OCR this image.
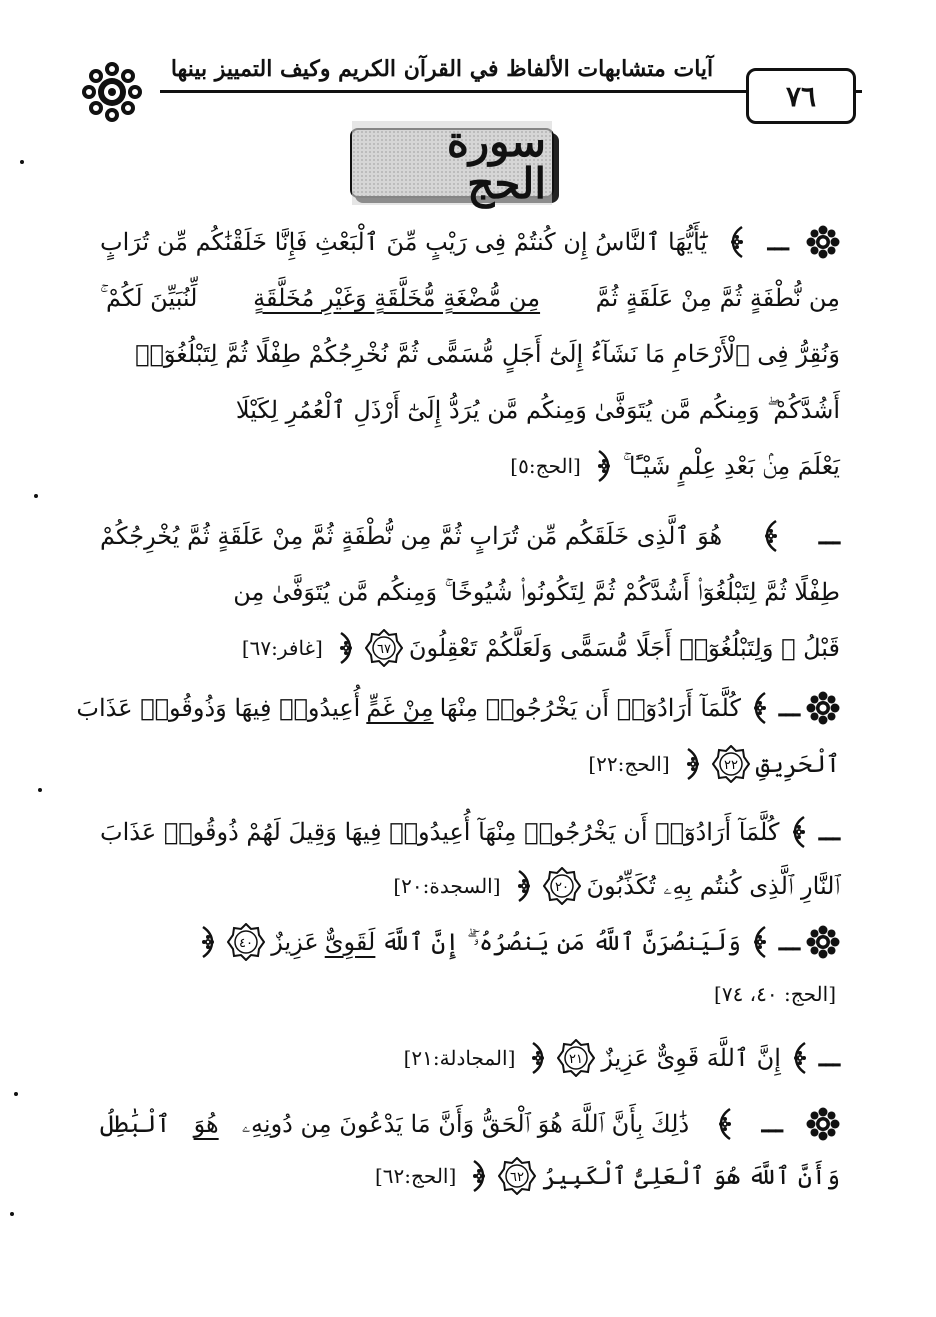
آيات متشابهات الألفاظ في القرآن الكريم وكيف التمييز بينها
٧٦
سورة الحج
ـــ
يَٰٓأَيُّهَا ٱلنَّاسُ إِن كُنتُمْ فِى رَيْبٍ مِّنَ ٱلْبَعْثِ فَإِنَّا خَلَقْنَٰكُم مِّن تُرَابٍ
مِن نُّطْفَةٍ ثُمَّ مِنْ عَلَقَةٍ ثُمَّ
مِن مُّضْغَةٍ مُّخَلَّقَةٍ وَغَيْرِ مُخَلَّقَةٍ
لِّنُبَيِّنَ لَكُمْ ۚ
وَنُقِرُّ فِى ٱلْأَرْحَامِ مَا نَشَآءُ إِلَىٰٓ أَجَلٍ مُّسَمًّى ثُمَّ نُخْرِجُكُمْ طِفْلًا ثُمَّ لِتَبْلُغُوٓا۟
أَشُدَّكُمْ ۖ وَمِنكُم مَّن يُتَوَفَّىٰ وَمِنكُم مَّن يُرَدُّ إِلَىٰٓ أَرْذَلِ ٱلْعُمُرِ لِكَيْلَا
يَعْلَمَ مِنۢ بَعْدِ عِلْمٍ شَيْـًٔا ۚ
[الحج:٥]
ـــ
هُوَ ٱلَّذِى خَلَقَكُم مِّن تُرَابٍ ثُمَّ مِن نُّطْفَةٍ ثُمَّ مِنْ عَلَقَةٍ ثُمَّ يُخْرِجُكُمْ
طِفْلًا ثُمَّ لِتَبْلُغُوٓا۟ أَشُدَّكُمْ ثُمَّ لِتَكُونُوا۟ شُيُوخًا ۚ وَمِنكُم مَّن يُتَوَفَّىٰ مِن
قَبْلُ ۖ وَلِتَبْلُغُوٓا۟ أَجَلًا مُّسَمًّى وَلَعَلَّكُمْ تَعْقِلُونَ
٦٧
[غافر:٦٧]
ـــ
كُلَّمَآ أَرَادُوٓا۟ أَن يَخْرُجُوا۟ مِنْهَا
مِنْ غَمٍّ
أُعِيدُوا۟ فِيهَا وَذُوقُوا۟ عَذَابَ
ٱلْحَرِيقِ
٢٢
[الحج:٢٢]
ـــ
كُلَّمَآ أَرَادُوٓا۟ أَن يَخْرُجُوا۟ مِنْهَآ أُعِيدُوا۟ فِيهَا وَقِيلَ لَهُمْ ذُوقُوا۟ عَذَابَ
ٱلنَّارِ ٱلَّذِى كُنتُم بِهِۦ تُكَذِّبُونَ
٢٠
[السجدة:٢٠]
ـــ
وَلَيَنصُرَنَّ ٱللَّهُ مَن يَنصُرُهُۥٓ ۗ إِنَّ ٱللَّهَ
لَقَوِىٌّ
عَزِيزٌ
٤٠
[الحج: ٤٠، ٧٤]
ـــ
إِنَّ ٱللَّهَ قَوِىٌّ عَزِيزٌ
٢١
[المجادلة:٢١]
ـــ
ذَٰلِكَ بِأَنَّ ٱللَّهَ هُوَ ٱلْحَقُّ وَأَنَّ مَا يَدْعُونَ مِن دُونِهِۦ
هُوَ
ٱلْبَٰطِلُ
وَأَنَّ ٱللَّهَ هُوَ ٱلْعَلِىُّ ٱلْكَبِيرُ
٦٢
[الحج:٦٢]
